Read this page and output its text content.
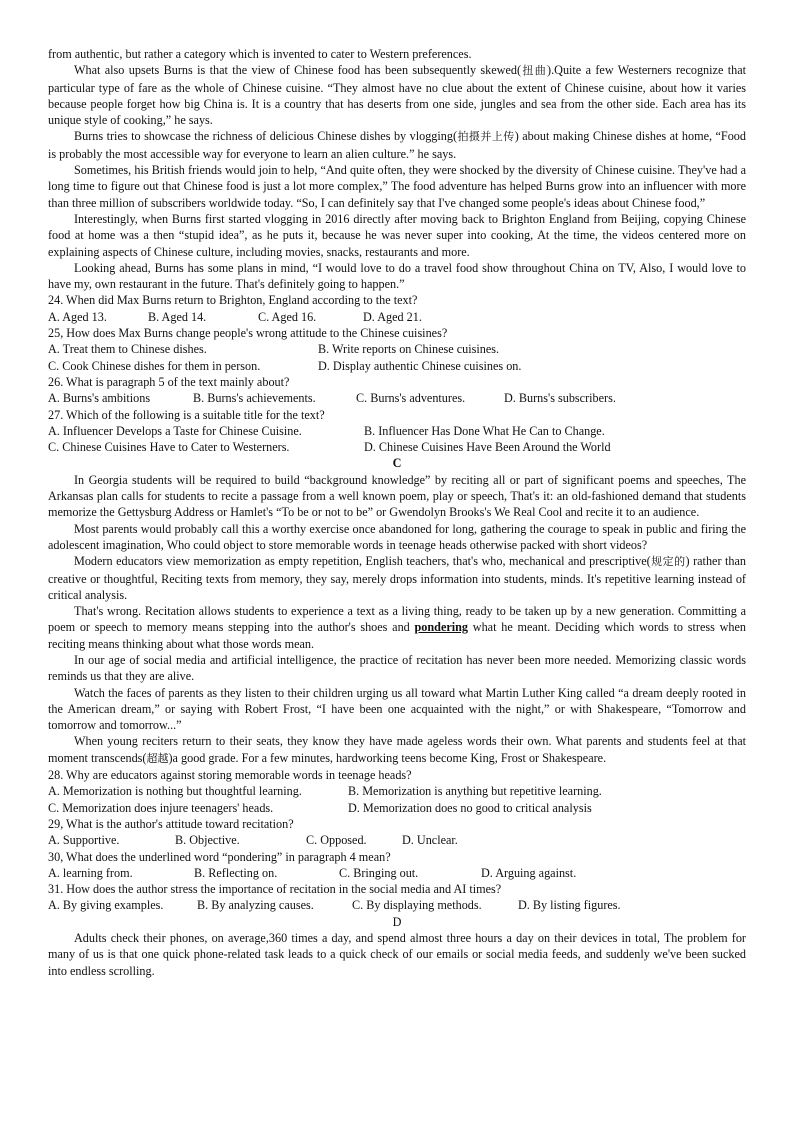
from authentic, but rather a category which is invented to cater to Western preferences.

What also upsets Burns is that the view of Chinese food has been subsequently skewed(扭曲).Quite a few Westerners recognize that particular type of fare as the whole of Chinese cuisine. “They almost have no clue about the extent of Chinese cuisine, about how it varies because people forget how big China is. It is a country that has deserts from one side, jungles and sea from the other side. Each area has its unique style of cooking,” he says.

Burns tries to showcase the richness of delicious Chinese dishes by vlogging(拍摄并上传) about making Chinese dishes at home, “Food is probably the most accessible way for everyone to learn an alien culture.” he says.

Sometimes, his British friends would join to help, “And quite often, they were shocked by the diversity of Chinese cuisine. They've had a long time to figure out that Chinese food is just a lot more complex,” The food adventure has helped Burns grow into an influencer with more than three million of subscribers worldwide today. “So, I can definitely say that I've changed some people's ideas about Chinese food,”

Interestingly, when Burns first started vlogging in 2016 directly after moving back to Brighton England from Beijing, copying Chinese food at home was a then “stupid idea”, as he puts it, because he was never super into cooking, At the time, the videos centered more on explaining aspects of Chinese culture, including movies, snacks, restaurants and more.

Looking ahead, Burns has some plans in mind, “I would love to do a travel food show throughout China on TV, Also, I would love to have my, own restaurant in the future. That's definitely going to happen.”

24. When did Max Burns return to Brighton, England according to the text?

A. Aged 13.	B. Aged 14.	C. Aged 16.	D. Aged 21.

25, How does Max Burns change people's wrong attitude to the Chinese cuisines?

A. Treat them to Chinese dishes.	B. Write reports on Chinese cuisines.
C. Cook Chinese dishes for them in person.	D. Display authentic Chinese cuisines on.

26. What is paragraph 5 of the text mainly about?

A. Burns's ambitions	B. Burns's achievements.	C. Burns's adventures.	D. Burns's subscribers.

27. Which of the following is a suitable title for the text?

A. Influencer Develops a Taste for Chinese Cuisine.	B. Influencer Has Done What He Can to Change.
C. Chinese Cuisines Have to Cater to Westerners.	D. Chinese Cuisines Have Been Around the World

C

In Georgia students will be required to build “background knowledge” by reciting all or part of significant poems and speeches, The Arkansas plan calls for students to recite a passage from a well known poem, play or speech, That's it: an old-fashioned demand that students memorize the Gettysburg Address or Hamlet's “To be or not to be” or Gwendolyn Brooks's We Real Cool and recite it to an audience.

Most parents would probably call this a worthy exercise once abandoned for long, gathering the courage to speak in public and firing the adolescent imagination, Who could object to store memorable words in teenage heads otherwise packed with short videos?

Modern educators view memorization as empty repetition, English teachers, that's who, mechanical and prescriptive(规定的) rather than creative or thoughtful, Reciting texts from memory, they say, merely drops information into students, minds. It's repetitive learning instead of critical analysis.

That's wrong. Recitation allows students to experience a text as a living thing, ready to be taken up by a new generation. Committing a poem or speech to memory means stepping into the author's shoes and pondering what he meant. Deciding which words to stress when reciting means thinking about what those words mean.

In our age of social media and artificial intelligence, the practice of recitation has never been more needed. Memorizing classic words reminds us that they are alive.

Watch the faces of parents as they listen to their children urging us all toward what Martin Luther King called “a dream deeply rooted in the American dream,” or saying with Robert Frost, “I have been one acquainted with the night,” or with Shakespeare, “Tomorrow and tomorrow and tomorrow...”

When young reciters return to their seats, they know they have made ageless words their own. What parents and students feel at that moment transcends(超越)a good grade. For a few minutes, hardworking teens become King, Frost or Shakespeare.

28. Why are educators against storing memorable words in teenage heads?

A. Memorization is nothing but thoughtful learning.	B. Memorization is anything but repetitive learning.
C. Memorization does injure teenagers' heads.	D. Memorization does no good to critical analysis

29, What is the author's attitude toward recitation?

A. Supportive.	B. Objective.	C. Opposed.	D. Unclear.

30, What does the underlined word “pondering” in paragraph 4 mean?

A. learning from.	B. Reflecting on.	C. Bringing out.	D. Arguing against.

31. How does the author stress the importance of recitation in the social media and AI times?

A. By giving examples.	B. By analyzing causes.	C. By displaying methods.	D. By listing figures.

D

Adults check their phones, on average,360 times a day, and spend almost three hours a day on their devices in total, The problem for many of us is that one quick phone-related task leads to a quick check of our emails or social media feeds, and suddenly we've been sucked into endless scrolling.
